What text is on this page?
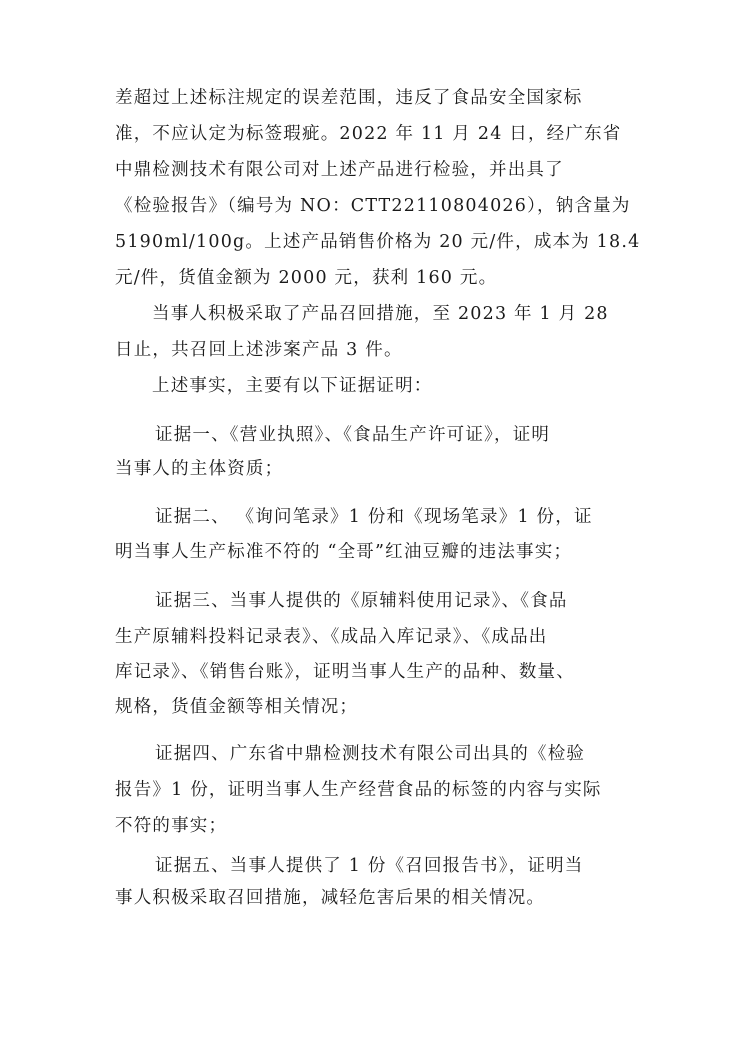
差超过上述标注规定的误差范围，违反了食品安全国家标

准，不应认定为标签瑕疵。2022 年 11 月 24 日，经广东省

中鼎检测技术有限公司对上述产品进行检验，并出具了

《检验报告》（编号为 NO：CTT22110804026），钠含量为

5190ml/100g。上述产品销售价格为 20 元/件，成本为 18.4

元/件，货值金额为 2000 元，获利 160 元。

当事人积极采取了产品召回措施，至 2023 年 1 月 28

日止，共召回上述涉案产品 3 件。

上述事实，主要有以下证据证明：

证据一、《营业执照》、《食品生产许可证》，证明

当事人的主体资质；

证据二、 《询问笔录》1 份和《现场笔录》1 份，证

明当事人生产标准不符的 “全哥”红油豆瓣的违法事实；

证据三、当事人提供的《原辅料使用记录》、《食品

生产原辅料投料记录表》、《成品入库记录》、《成品出

库记录》、《销售台账》，证明当事人生产的品种、数量、

规格，货值金额等相关情况；

证据四、广东省中鼎检测技术有限公司出具的《检验

报告》1 份，证明当事人生产经营食品的标签的内容与实际

不符的事实；

证据五、当事人提供了 1 份《召回报告书》，证明当

事人积极采取召回措施，减轻危害后果的相关情况。
